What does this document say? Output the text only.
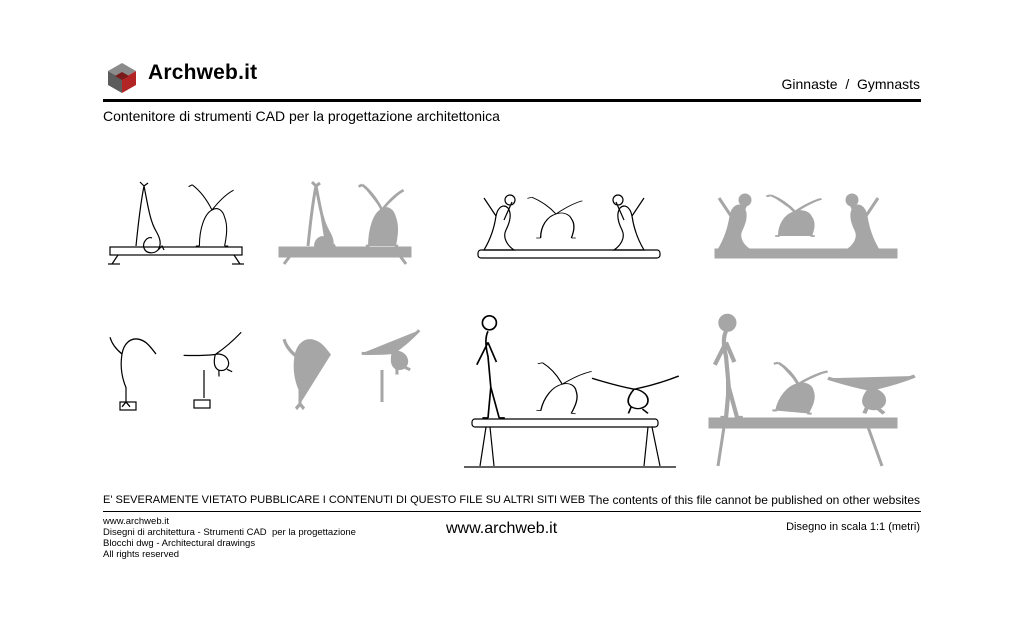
Archweb.it	Ginnaste  /  Gymnasts
Contenitore di strumenti CAD per la progettazione architettonica
E' SEVERAMENTE VIETATO PUBBLICARE I CONTENUTI DI QUESTO FILE SU ALTRI SITI WEB The contents of this file cannot be published on other websites
www.archweb.it
Disegni di architettura - Strumenti CAD  per la progettazione
Blocchi dwg - Architectural drawings
All rights reserved
www.archweb.it	Disegno in scala 1:1 (metri)
